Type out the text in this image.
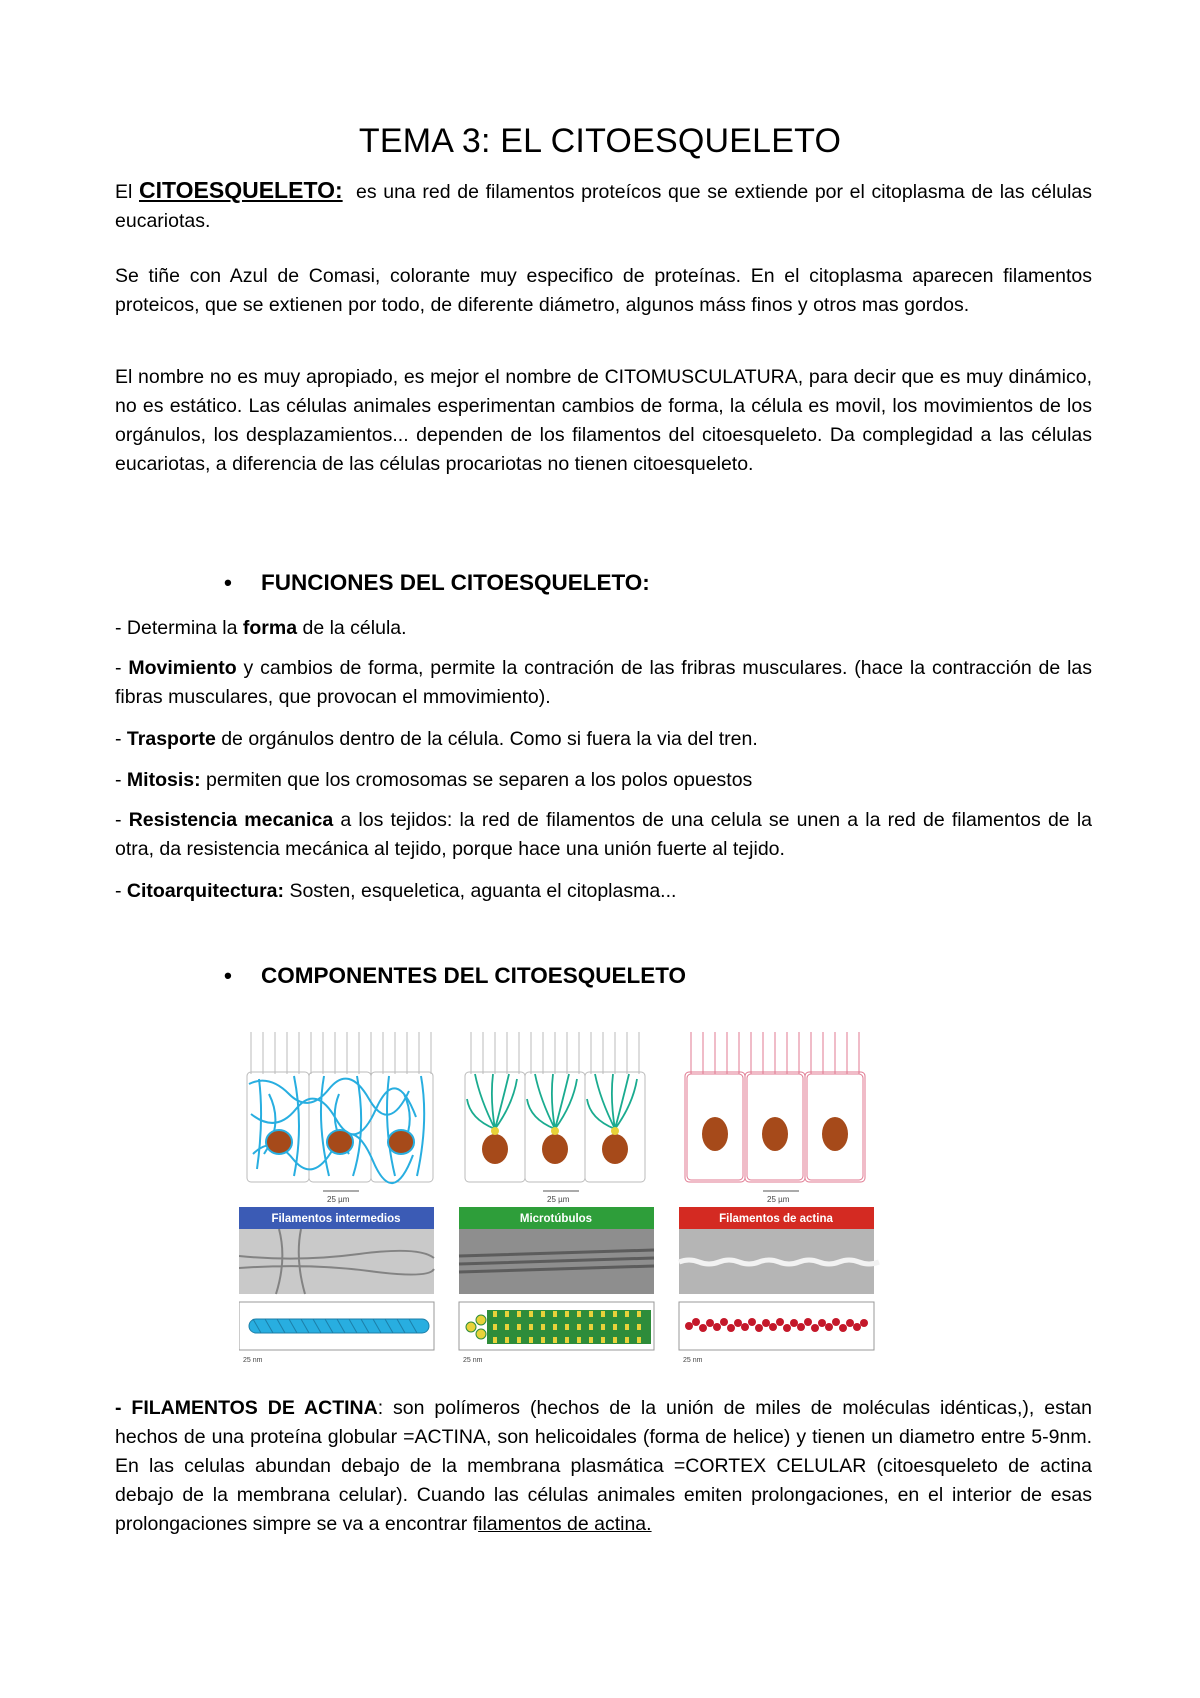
TEMA 3: EL CITOESQUELETO

El CITOESQUELETO: es una red de filamentos proteícos que se extiende por el citoplasma de las células eucariotas.

Se tiñe con Azul de Comasi, colorante muy especifico de proteínas. En el citoplasma aparecen filamentos proteicos, que se extienen por todo, de diferente diámetro, algunos máss finos y otros mas gordos.

El nombre no es muy apropiado, es mejor el nombre de CITOMUSCULATURA, para decir que es muy dinámico, no es estático. Las células animales esperimentan cambios de forma, la célula es movil, los movimientos de los orgánulos, los desplazamientos... dependen de los filamentos del citoesqueleto. Da complegidad a las células eucariotas, a diferencia de las células procariotas no tienen citoesqueleto.

• FUNCIONES DEL CITOESQUELETO:

- Determina la forma de la célula.

- Movimiento y cambios de forma, permite la contración de las fribras musculares. (hace la contracción de las fibras musculares, que provocan el mmovimiento).

- Trasporte de orgánulos dentro de la célula. Como si fuera la via del tren.

- Mitosis: permiten que los cromosomas se separen a los polos opuestos

- Resistencia mecanica a los tejidos: la red de filamentos de una celula se unen a la red de filamentos de la otra, da resistencia mecánica al tejido, porque hace una unión fuerte al tejido.

- Citoarquitectura: Sosten, esqueletica, aguanta el citoplasma...

• COMPONENTES DEL CITOESQUELETO
25 µm
Filamentos intermedios
25 nm
25 µm
Microtúbulos
25 nm
25 µm
Filamentos de actina
25 nm

- FILAMENTOS DE ACTINA: son polímeros (hechos de la unión de miles de moléculas idénticas,), estan hechos de una proteína globular =ACTINA, son helicoidales (forma de helice) y tienen un diametro entre 5-9nm. En las celulas abundan debajo de la membrana plasmática =CORTEX CELULAR (citoesqueleto de actina debajo de la membrana celular). Cuando las células animales emiten prolongaciones, en el interior de esas prolongaciones simpre se va a encontrar filamentos de actina.
